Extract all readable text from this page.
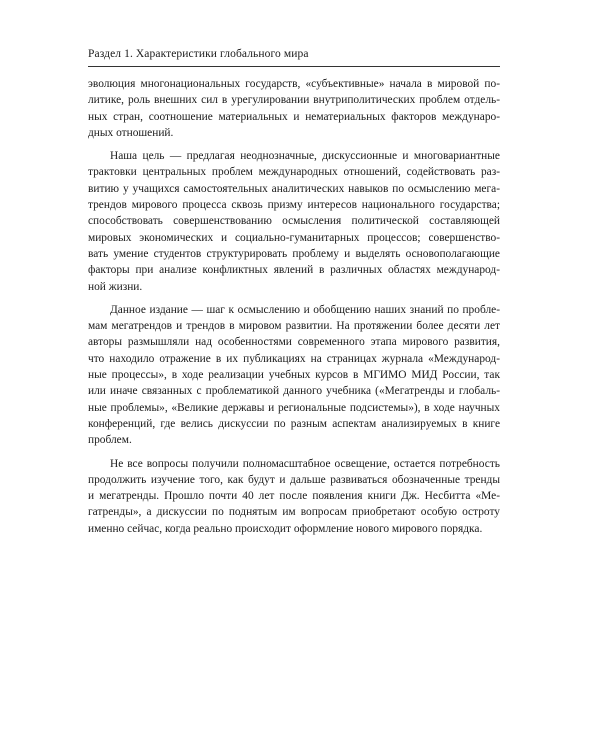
Раздел 1. Характеристики глобального мира

эволюция многонациональных государств, «субъективные» начала в мировой по-
литике, роль внешних сил в урегулировании внутриполитических проблем отдель-
ных стран, соотношение материальных и нематериальных факторов междунаро-
дных отношений.

Наша цель — предлагая неоднозначные, дискуссионные и многовариантные
трактовки центральных проблем международных отношений, содействовать раз-
витию у учащихся самостоятельных аналитических навыков по осмыслению мега-
трендов мирового процесса сквозь призму интересов национального государства;
способствовать совершенствованию осмысления политической составляющей
мировых экономических и социально-гуманитарных процессов; совершенство-
вать умение студентов структурировать проблему и выделять основополагающие
факторы при анализе конфликтных явлений в различных областях международ-
ной жизни.

Данное издание — шаг к осмыслению и обобщению наших знаний по пробле-
мам мегатрендов и трендов в мировом развитии. На протяжении более десяти лет
авторы размышляли над особенностями современного этапа мирового развития,
что находило отражение в их публикациях на страницах журнала «Международ-
ные процессы», в ходе реализации учебных курсов в МГИМО МИД России, так
или иначе связанных с проблематикой данного учебника («Мегатренды и глобаль-
ные проблемы», «Великие державы и региональные подсистемы»), в ходе научных
конференций, где велись дискуссии по разным аспектам анализируемых в книге
проблем.

Не все вопросы получили полномасштабное освещение, остается потребность
продолжить изучение того, как будут и дальше развиваться обозначенные тренды
и мегатренды. Прошло почти 40 лет после появления книги Дж. Несбитта «Ме-
гатренды», а дискуссии по поднятым им вопросам приобретают особую остроту
именно сейчас, когда реально происходит оформление нового мирового порядка.
